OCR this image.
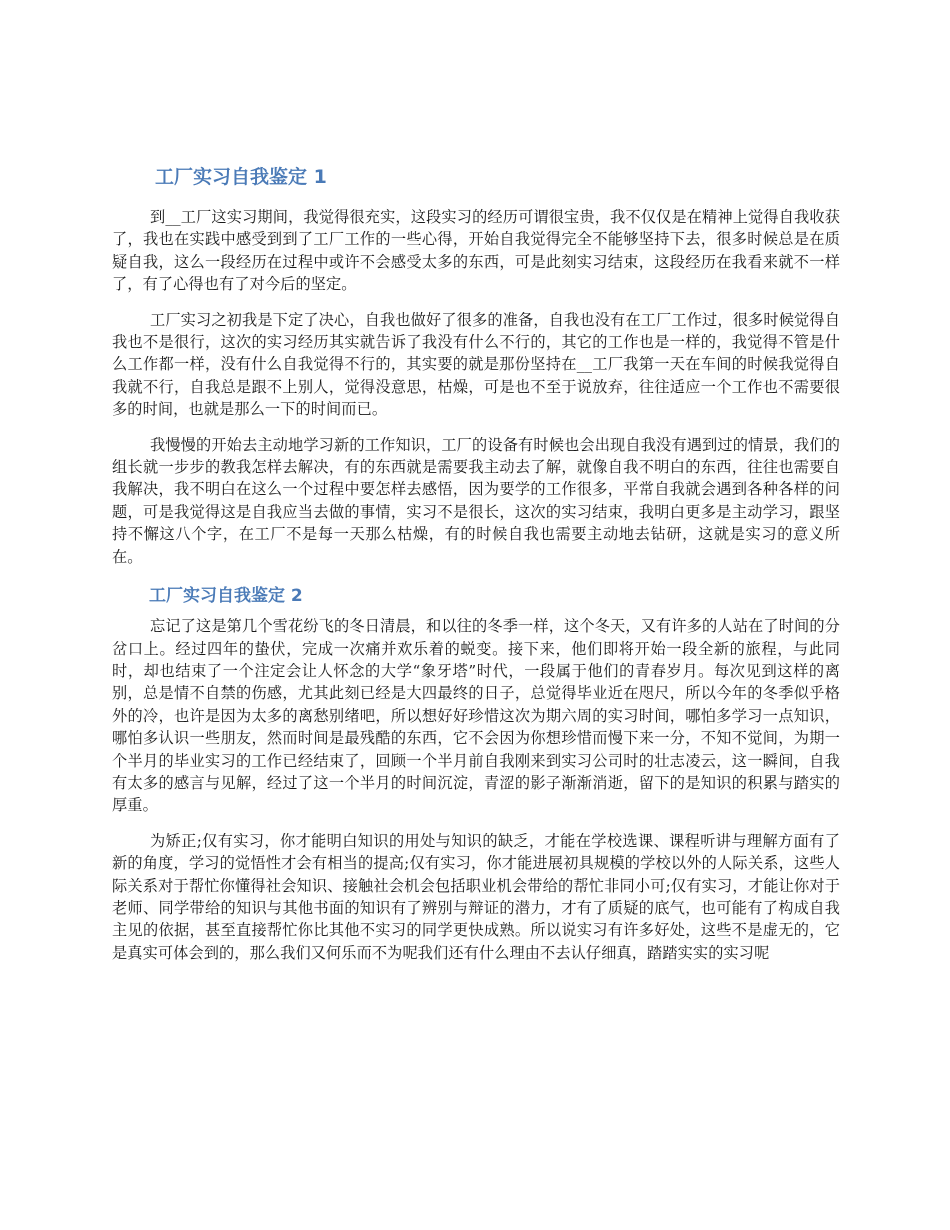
工厂实习自我鉴定 1

到__工厂这实习期间，我觉得很充实，这段实习的经历可谓很宝贵，我不仅仅是在精神上觉得自我收获了，我也在实践中感受到到了工厂工作的一些心得，开始自我觉得完全不能够坚持下去，很多时候总是在质疑自我，这么一段经历在过程中或许不会感受太多的东西，可是此刻实习结束，这段经历在我看来就不一样了，有了心得也有了对今后的坚定。

工厂实习之初我是下定了决心，自我也做好了很多的准备，自我也没有在工厂工作过，很多时候觉得自我也不是很行，这次的实习经历其实就告诉了我没有什么不行的，其它的工作也是一样的，我觉得不管是什么工作都一样，没有什么自我觉得不行的，其实要的就是那份坚持在__工厂我第一天在车间的时候我觉得自我就不行，自我总是跟不上别人，觉得没意思，枯燥，可是也不至于说放弃，往往适应一个工作也不需要很多的时间，也就是那么一下的时间而已。

我慢慢的开始去主动地学习新的工作知识，工厂的设备有时候也会出现自我没有遇到过的情景，我们的组长就一步步的教我怎样去解决，有的东西就是需要我主动去了解，就像自我不明白的东西，往往也需要自我解决，我不明白在这么一个过程中要怎样去感悟，因为要学的工作很多，平常自我就会遇到各种各样的问题，可是我觉得这是自我应当去做的事情，实习不是很长，这次的实习结束，我明白更多是主动学习，跟坚持不懈这八个字，在工厂不是每一天那么枯燥，有的时候自我也需要主动地去钻研，这就是实习的意义所在。

工厂实习自我鉴定 2

忘记了这是第几个雪花纷飞的冬日清晨，和以往的冬季一样，这个冬天，又有许多的人站在了时间的分岔口上。经过四年的蛰伏，完成一次痛并欢乐着的蜕变。接下来，他们即将开始一段全新的旅程，与此同时，却也结束了一个注定会让人怀念的大学“象牙塔”时代，一段属于他们的青春岁月。每次见到这样的离别，总是情不自禁的伤感，尤其此刻已经是大四最终的日子，总觉得毕业近在咫尺，所以今年的冬季似乎格外的冷，也许是因为太多的离愁别绪吧，所以想好好珍惜这次为期六周的实习时间，哪怕多学习一点知识，哪怕多认识一些朋友，然而时间是最残酷的东西，它不会因为你想珍惜而慢下来一分，不知不觉间，为期一个半月的毕业实习的工作已经结束了，回顾一个半月前自我刚来到实习公司时的壮志凌云，这一瞬间，自我有太多的感言与见解，经过了这一个半月的时间沉淀，青涩的影子渐渐消逝，留下的是知识的积累与踏实的厚重。

为矫正;仅有实习，你才能明白知识的用处与知识的缺乏，才能在学校选课、课程听讲与理解方面有了新的角度，学习的觉悟性才会有相当的提高;仅有实习，你才能进展初具规模的学校以外的人际关系，这些人际关系对于帮忙你懂得社会知识、接触社会机会包括职业机会带给的帮忙非同小可;仅有实习，才能让你对于老师、同学带给的知识与其他书面的知识有了辨别与辩证的潜力，才有了质疑的底气，也可能有了构成自我主见的依据，甚至直接帮忙你比其他不实习的同学更快成熟。所以说实习有许多好处，这些不是虚无的，它是真实可体会到的，那么我们又何乐而不为呢我们还有什么理由不去认仔细真，踏踏实实的实习呢
